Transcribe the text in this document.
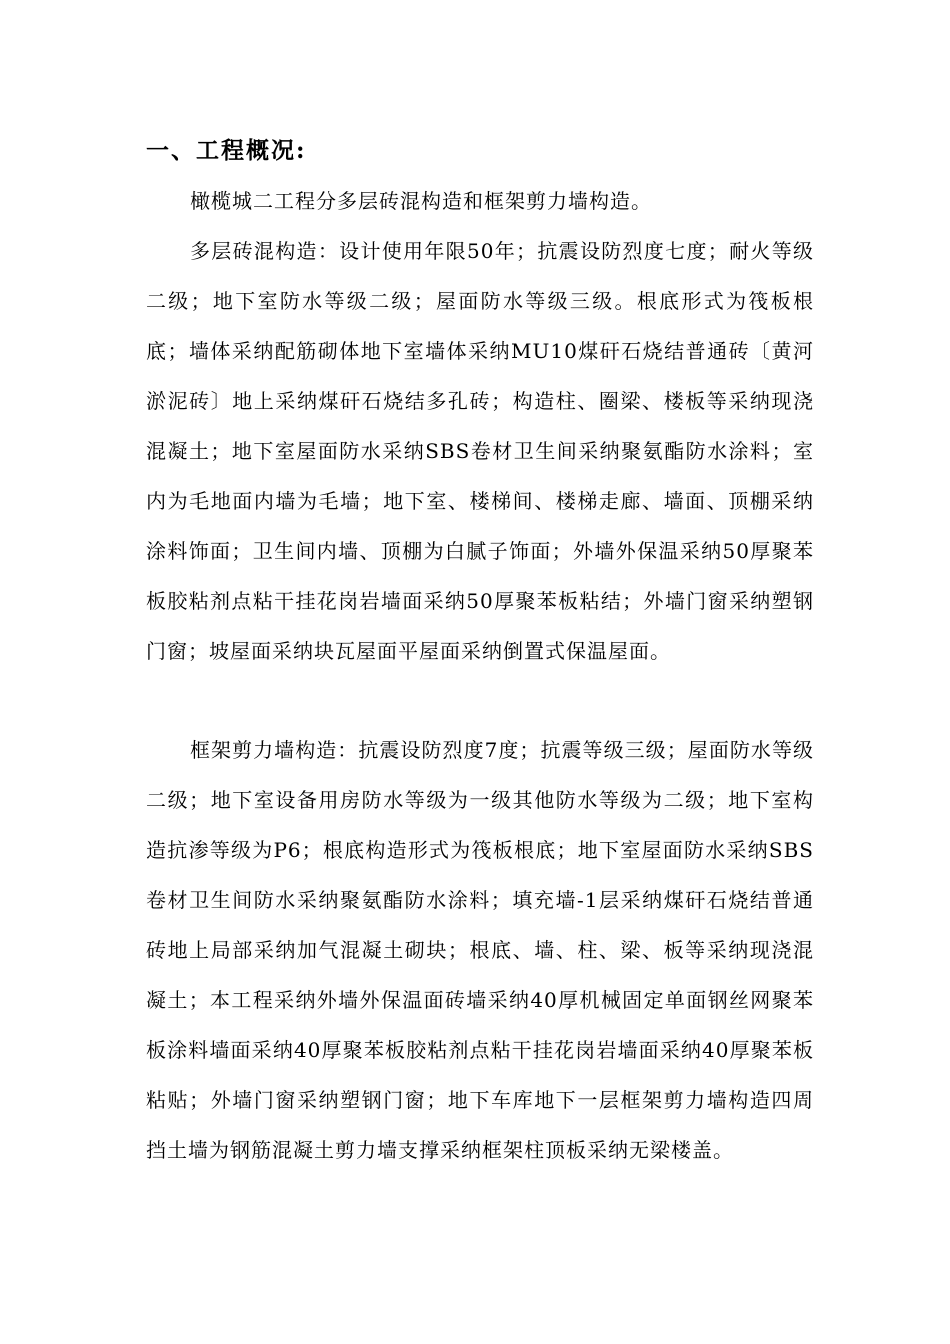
一、工程概况:

橄榄城二工程分多层砖混构造和框架剪力墙构造。

多层砖混构造：设计使用年限50年；抗震设防烈度七度；耐火等级二级；地下室防水等级二级；屋面防水等级三级。根底形式为筏板根底；墙体采纳配筋砌体地下室墙体采纳MU10煤矸石烧结普通砖〔黄河淤泥砖〕地上采纳煤矸石烧结多孔砖；构造柱、圈梁、楼板等采纳现浇混凝土；地下室屋面防水采纳SBS卷材卫生间采纳聚氨酯防水涂料；室内为毛地面内墙为毛墙；地下室、楼梯间、楼梯走廊、墙面、顶棚采纳涂料饰面；卫生间内墙、顶棚为白腻子饰面；外墙外保温采纳50厚聚苯板胶粘剂点粘干挂花岗岩墙面采纳50厚聚苯板粘结；外墙门窗采纳塑钢门窗；坡屋面采纳块瓦屋面平屋面采纳倒置式保温屋面。

框架剪力墙构造：抗震设防烈度7度；抗震等级三级；屋面防水等级二级；地下室设备用房防水等级为一级其他防水等级为二级；地下室构造抗渗等级为P6；根底构造形式为筏板根底；地下室屋面防水采纳SBS卷材卫生间防水采纳聚氨酯防水涂料；填充墙-1层采纳煤矸石烧结普通砖地上局部采纳加气混凝土砌块；根底、墙、柱、梁、板等采纳现浇混凝土；本工程采纳外墙外保温面砖墙采纳40厚机械固定单面钢丝网聚苯板涂料墙面采纳40厚聚苯板胶粘剂点粘干挂花岗岩墙面采纳40厚聚苯板粘贴；外墙门窗采纳塑钢门窗；地下车库地下一层框架剪力墙构造四周挡土墙为钢筋混凝土剪力墙支撑采纳框架柱顶板采纳无梁楼盖。
